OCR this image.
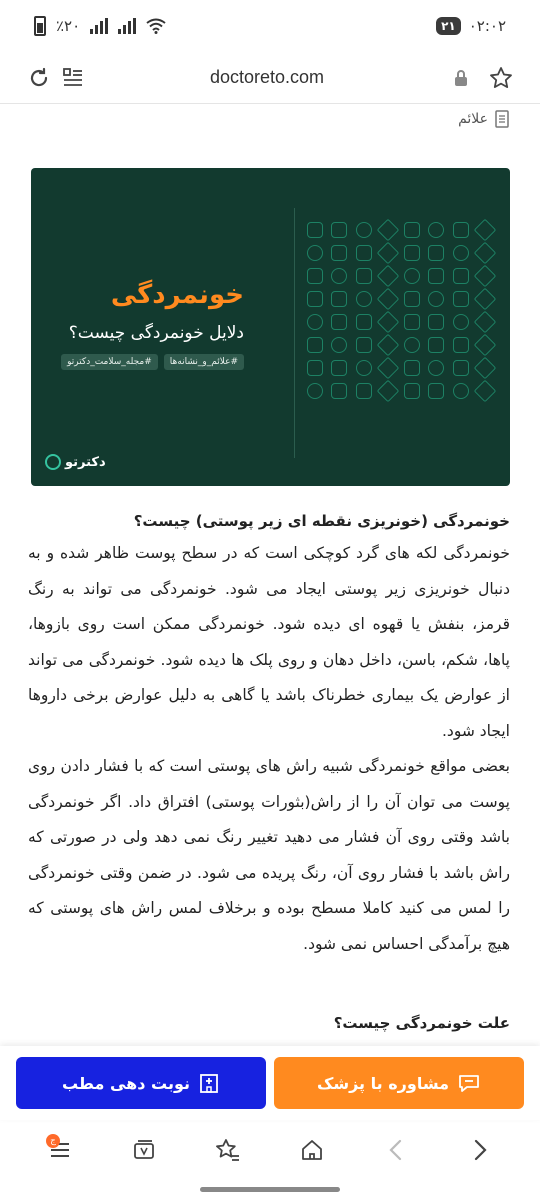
٪۲۰	۲۱ ۰۲:۰۲
doctoreto.com
علائم
خونمردگی
دلایل خونمردگی چیست؟
#علائم_و_نشانه‌ها
#مجله_سلامت_دکترتو
دکترتو
خونمردگی (خونریزی نقطه ای زیر پوستی) چیست؟

خونمردگی لکه های گرد کوچکی است که در سطح پوست ظاهر شده و به دنبال خونریزی زیر پوستی ایجاد می شود. خونمردگی می تواند به رنگ قرمز، بنفش یا قهوه ای دیده شود. خونمردگی ممکن است روی بازوها، پاها، شکم، باسن، داخل دهان و روی پلک ها دیده شود. خونمردگی می تواند از عوارض یک بیماری خطرناک باشد یا گاهی به دلیل عوارض برخی داروها ایجاد شود.

بعضی مواقع خونمردگی شبیه راش های پوستی است که با فشار دادن روی پوست می توان آن را از راش(بثورات پوستی) افتراق داد. اگر خونمردگی باشد وقتی روی آن فشار می دهید تغییر رنگ نمی دهد ولی در صورتی که راش باشد با فشار روی آن، رنگ پریده می شود. در ضمن وقتی خونمردگی را لمس می کنید کاملا مسطح بوده و برخلاف لمس راش های پوستی که هیچ برآمدگی احساس نمی شود.

علت خونمردگی چیست؟
نوبت دهی مطب	مشاوره با پزشک
ج
